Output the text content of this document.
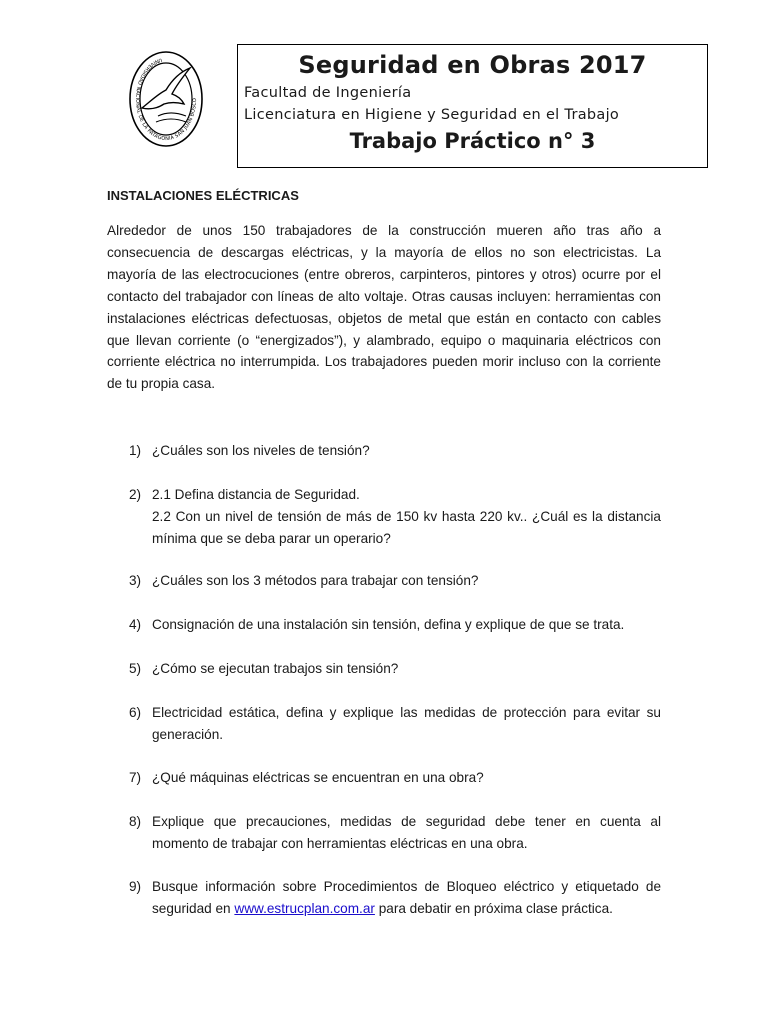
UNIVERSIDAD NACIONAL DE LA PATAGONIA SAN JUAN BOSCO
Seguridad en Obras 2017
Facultad de Ingeniería
Licenciatura en Higiene y Seguridad en el Trabajo
Trabajo Práctico n° 3
INSTALACIONES ELÉCTRICAS

Alrededor de unos 150 trabajadores de la construcción mueren año tras año a consecuencia de descargas eléctricas, y la mayoría de ellos no son electricistas. La mayoría de las electrocuciones (entre obreros, carpinteros, pintores y otros) ocurre por el contacto del trabajador con líneas de alto voltaje. Otras causas incluyen: herramientas con instalaciones eléctricas defectuosas, objetos de metal que están en contacto con cables que llevan corriente (o “energizados”), y alambrado, equipo o maquinaria eléctricos con corriente eléctrica no interrumpida. Los trabajadores pueden morir incluso con la corriente de tu propia casa.

1) ¿Cuáles son los niveles de tensión?
2) 2.1 Defina distancia de Seguridad.
2.2 Con un nivel de tensión de más de 150 kv hasta 220 kv.. ¿Cuál es la distancia mínima que se deba parar un operario?
3) ¿Cuáles son los 3 métodos para trabajar con tensión?
4) Consignación de una instalación sin tensión, defina y explique de que se trata.
5) ¿Cómo se ejecutan trabajos sin tensión?
6) Electricidad estática, defina y explique las medidas de protección para evitar su generación.
7) ¿Qué máquinas eléctricas se encuentran en una obra?
8) Explique que precauciones, medidas de seguridad debe tener en cuenta al momento de trabajar con herramientas eléctricas en una obra.
9) Busque información sobre Procedimientos de Bloqueo eléctrico y etiquetado de seguridad en www.estrucplan.com.ar para debatir en próxima clase práctica.
